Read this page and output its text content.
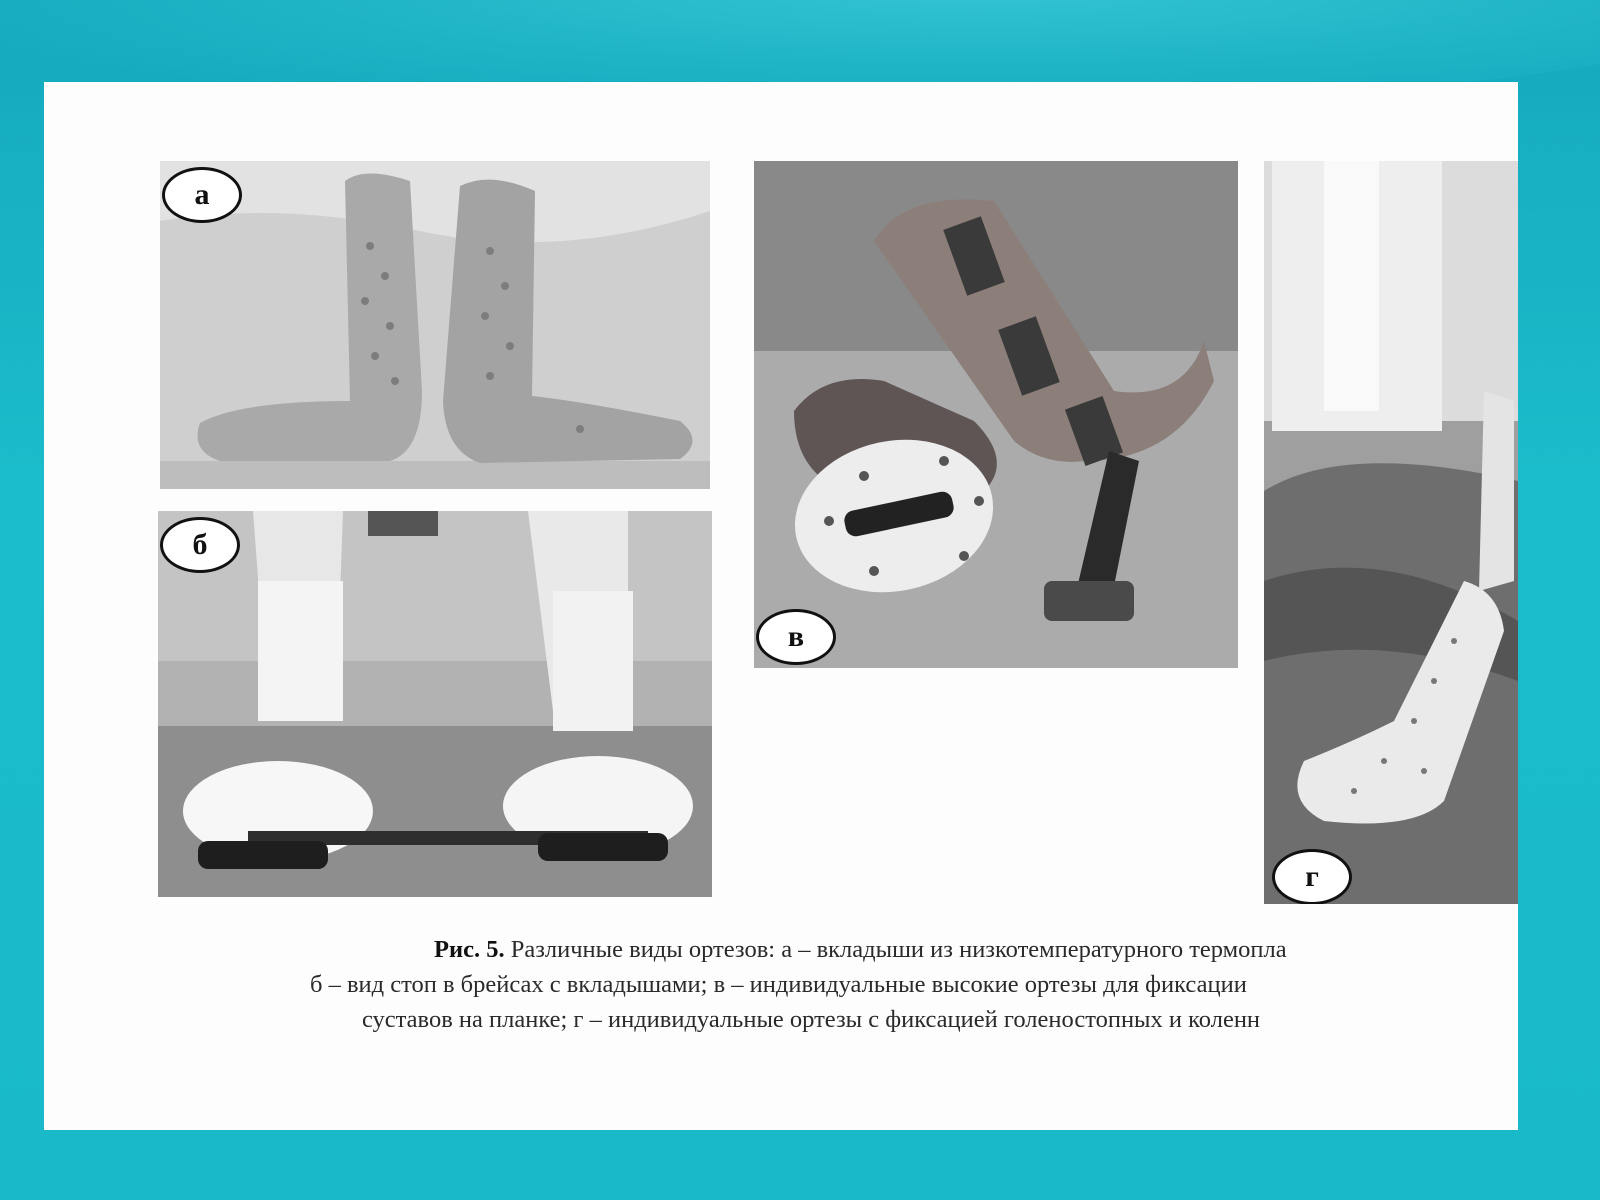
а
б
в
г
Рис. 5. Различные виды ортезов: а – вкладыши из низкотемпературного термопла
б – вид стоп в брейсах с вкладышами; в – индивидуальные высокие ортезы для фиксации
суставов на планке; г – индивидуальные ортезы с фиксацией голеностопных и коленн
